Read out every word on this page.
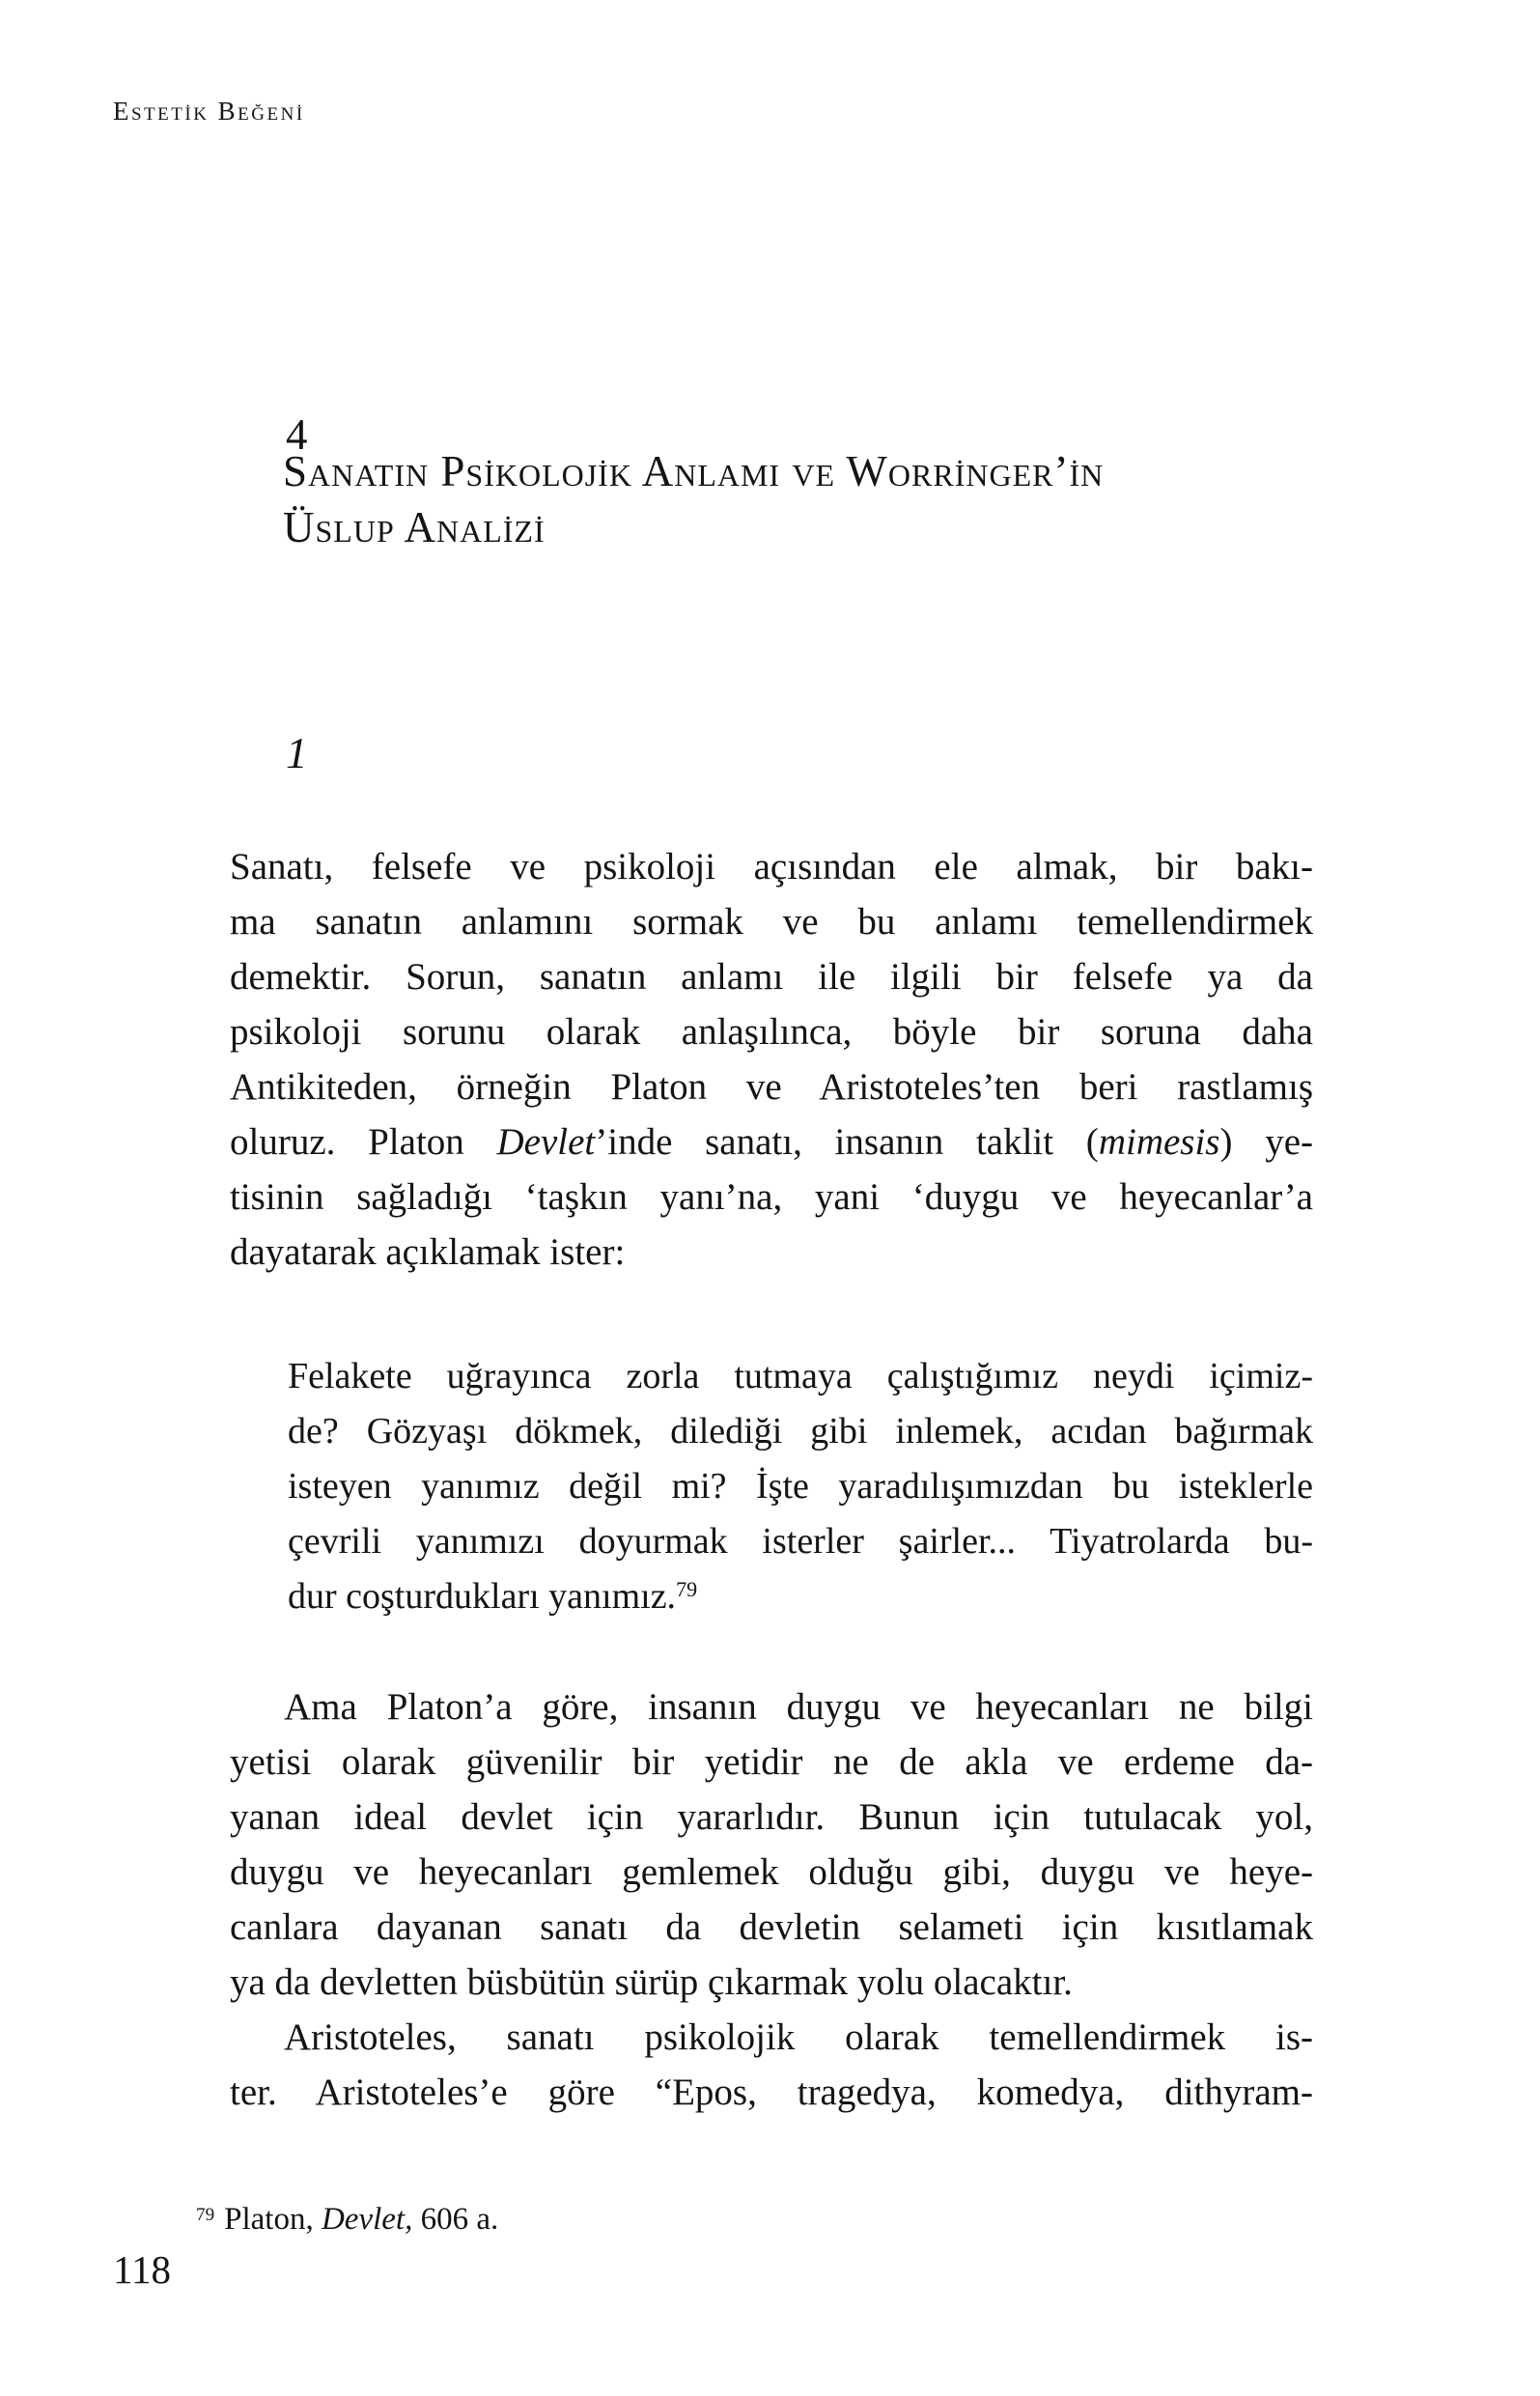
Estetik Beğeni
4
Sanatın Psikolojik Anlamı ve Worringer’in
Üslup Analizi
1
Sanatı, felsefe ve psikoloji açısından ele almak, bir bakı-
ma sanatın anlamını sormak ve bu anlamı temellendirmek
demektir. Sorun, sanatın anlamı ile ilgili bir felsefe ya da
psikoloji sorunu olarak anlaşılınca, böyle bir soruna daha
Antikiteden, örneğin Platon ve Aristoteles’ten beri rastlamış
oluruz. Platon Devlet’inde sanatı, insanın taklit (mimesis) ye-
tisinin sağladığı ‘taşkın yanı’na, yani ‘duygu ve heyecanlar’a
dayatarak açıklamak ister:
Felakete uğrayınca zorla tutmaya çalıştığımız neydi içimiz-
de? Gözyaşı dökmek, dilediği gibi inlemek, acıdan bağırmak
isteyen yanımız değil mi? İşte yaradılışımızdan bu isteklerle
çevrili yanımızı doyurmak isterler şairler... Tiyatrolarda bu-
dur coşturdukları yanımız.$^{79}$
Ama Platon’a göre, insanın duygu ve heyecanları ne bilgi
yetisi olarak güvenilir bir yetidir ne de akla ve erdeme da-
yanan ideal devlet için yararlıdır. Bunun için tutulacak yol,
duygu ve heyecanları gemlemek olduğu gibi, duygu ve heye-
canlara dayanan sanatı da devletin selameti için kısıtlamak
ya da devletten büsbütün sürüp çıkarmak yolu olacaktır.
Aristoteles, sanatı psikolojik olarak temellendirmek is-
ter. Aristoteles’e göre “Epos, tragedya, komedya, dithyram-
$^{79}$ Platon, Devlet, 606 a.
118
